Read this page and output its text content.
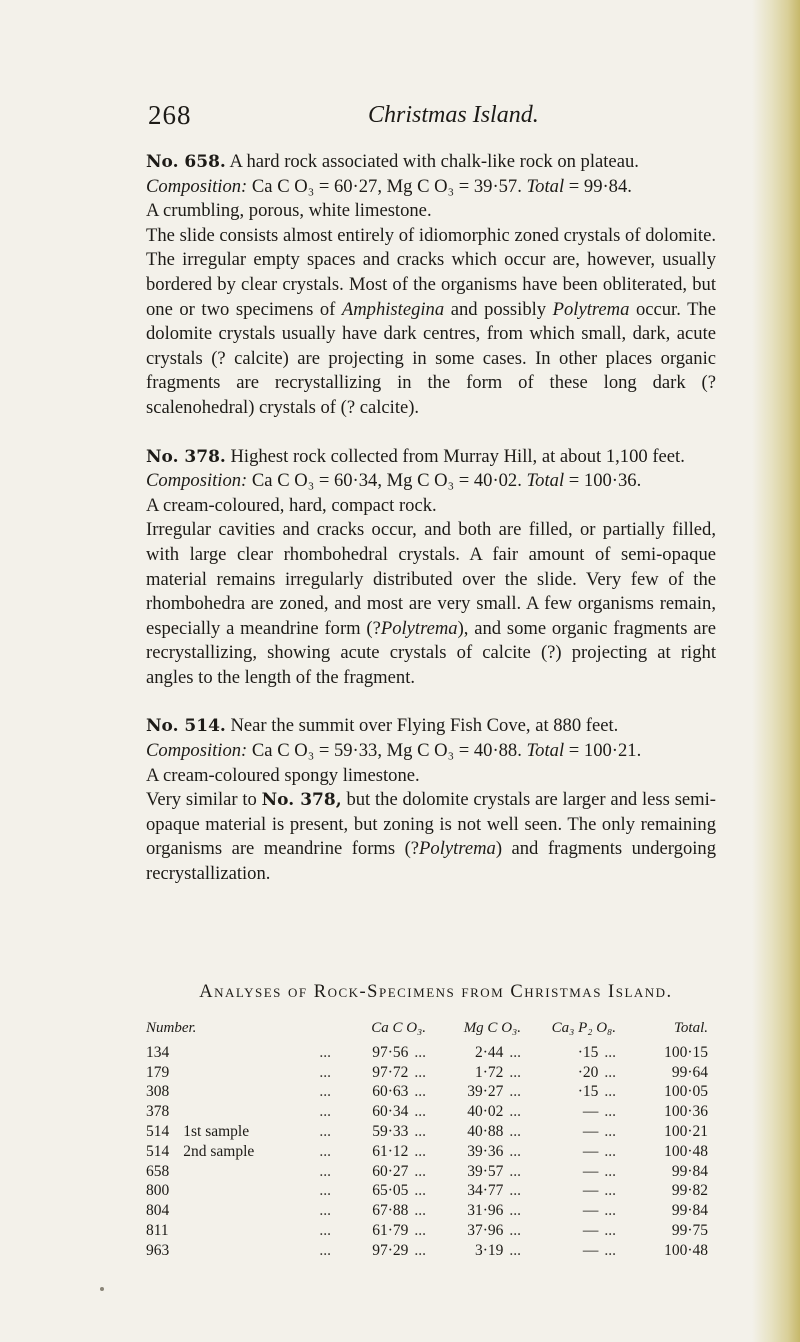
268	Christmas Island.

No. 658. A hard rock associated with chalk-like rock on plateau.

Composition: Ca C O₃ = 60·27, Mg C O₃ = 39·57. Total = 99·84.

A crumbling, porous, white limestone.

The slide consists almost entirely of idiomorphic zoned crystals of dolomite. The irregular empty spaces and cracks which occur are, however, usually bordered by clear crystals. Most of the organisms have been obliterated, but one or two specimens of Amphistegina and possibly Polytrema occur. The dolomite crystals usually have dark centres, from which small, dark, acute crystals (? calcite) are projecting in some cases. In other places organic fragments are recrystallizing in the form of these long dark (? scalenohedral) crystals of (? calcite).

No. 378. Highest rock collected from Murray Hill, at about 1,100 feet.

Composition: Ca C O₃ = 60·34, Mg C O₃ = 40·02. Total = 100·36.

A cream-coloured, hard, compact rock.

Irregular cavities and cracks occur, and both are filled, or partially filled, with large clear rhombohedral crystals. A fair amount of semi-opaque material remains irregularly distributed over the slide. Very few of the rhombohedra are zoned, and most are very small. A few organisms remain, especially a meandrine form (?Polytrema), and some organic fragments are recrystallizing, showing acute crystals of calcite (?) projecting at right angles to the length of the fragment.

No. 514. Near the summit over Flying Fish Cove, at 880 feet.

Composition: Ca C O₃ = 59·33, Mg C O₃ = 40·88. Total = 100·21.

A cream-coloured spongy limestone.

Very similar to No. 378, but the dolomite crystals are larger and less semi-opaque material is present, but zoning is not well seen. The only remaining organisms are meandrine forms (?Polytrema) and fragments undergoing recrystallization.

Analyses of Rock-Specimens from Christmas Island.
Number.	Ca C O₃.	Mg C O₃.	Ca₃ P₂ O₈.	Total.
134 ...	97·56 ...	2·44 ...	·15 ...	100·15
179 ...	97·72 ...	1·72 ...	·20 ...	99·64
308 ...	60·63 ...	39·27 ...	·15 ...	100·05
378 ...	60·34 ...	40·02 ...	— ...	100·36
514 1st sample ...	59·33 ...	40·88 ...	— ...	100·21
514 2nd sample ...	61·12 ...	39·36 ...	— ...	100·48
658 ...	60·27 ...	39·57 ...	— ...	99·84
800 ...	65·05 ...	34·77 ...	— ...	99·82
804 ...	67·88 ...	31·96 ...	— ...	99·84
811 ...	61·79 ...	37·96 ...	— ...	99·75
963 ...	97·29 ...	3·19 ...	— ...	100·48
